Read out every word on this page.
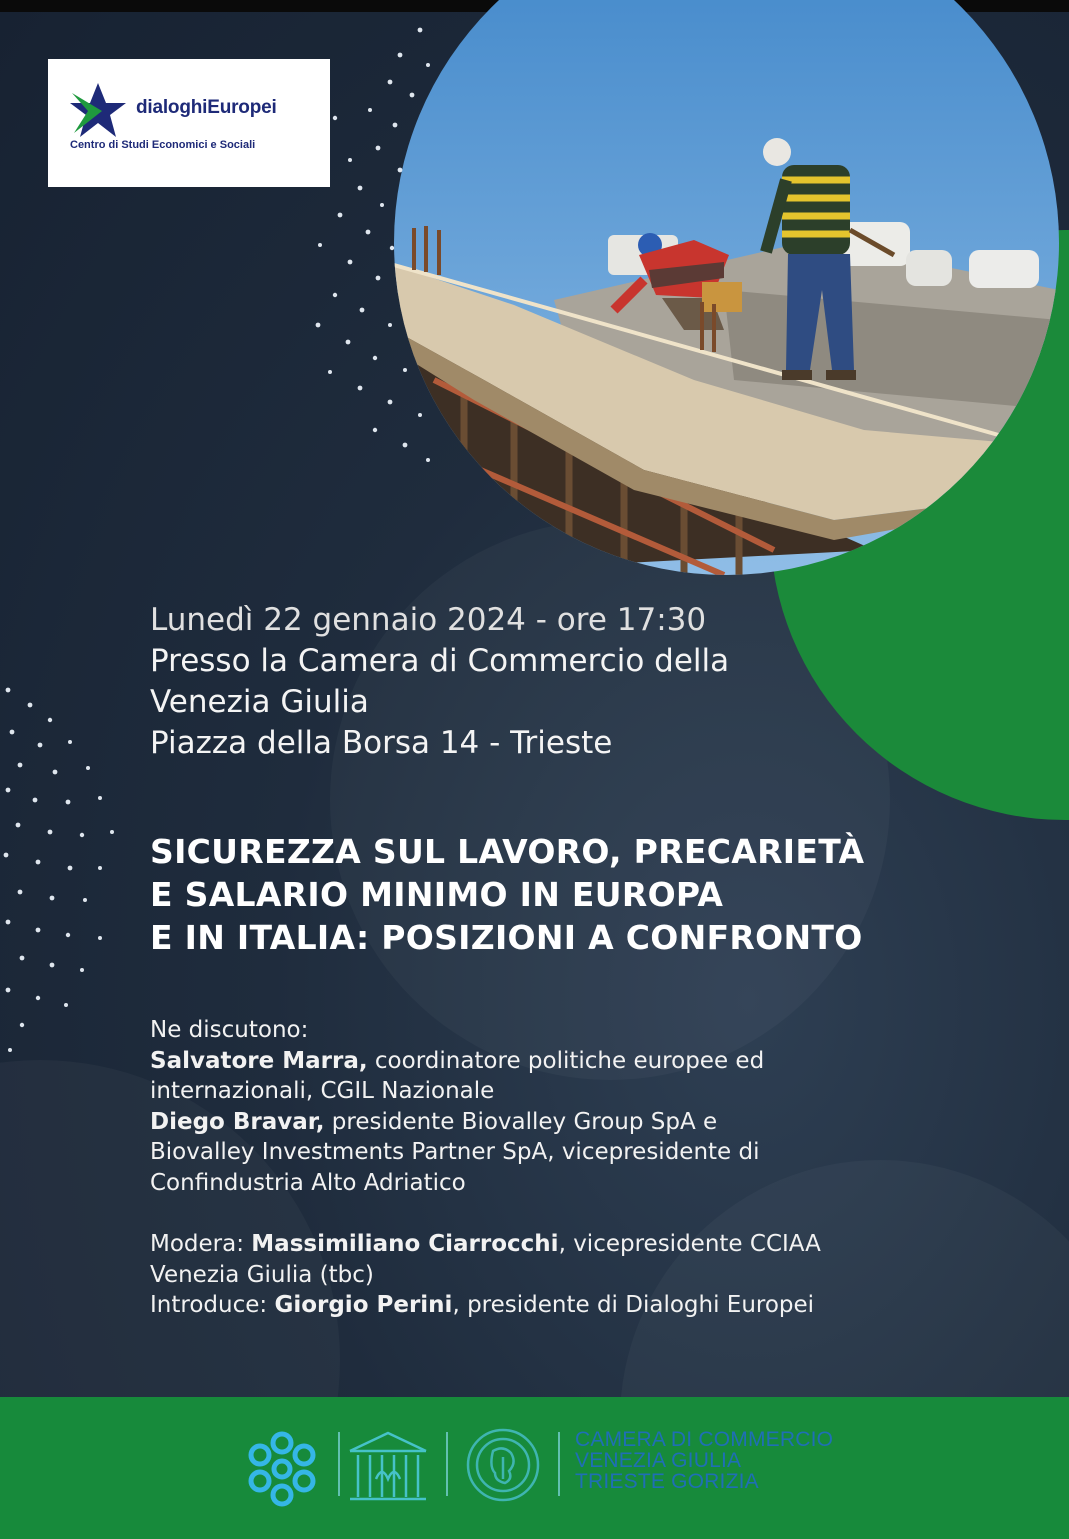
dialoghiEuropei
Centro di Studi Economici e Sociali
Lunedì 22 gennaio 2024 - ore 17:30
Presso la Camera di Commercio della
Venezia Giulia
Piazza della Borsa 14 - Trieste
SICUREZZA SUL LAVORO, PRECARIETÀ
E SALARIO MINIMO IN EUROPA
E IN ITALIA: POSIZIONI A CONFRONTO
Ne discutono:
Salvatore Marra, coordinatore politiche europee ed
internazionali, CGIL Nazionale
Diego Bravar, presidente Biovalley Group SpA e
Biovalley Investments Partner SpA, vicepresidente di
Confindustria Alto Adriatico
Modera: Massimiliano Ciarrocchi, vicepresidente CCIAA
Venezia Giulia (tbc)
Introduce: Giorgio Perini, presidente di Dialoghi Europei
CAMERA DI COMMERCIO
VENEZIA GIULIA
TRIESTE GORIZIA
